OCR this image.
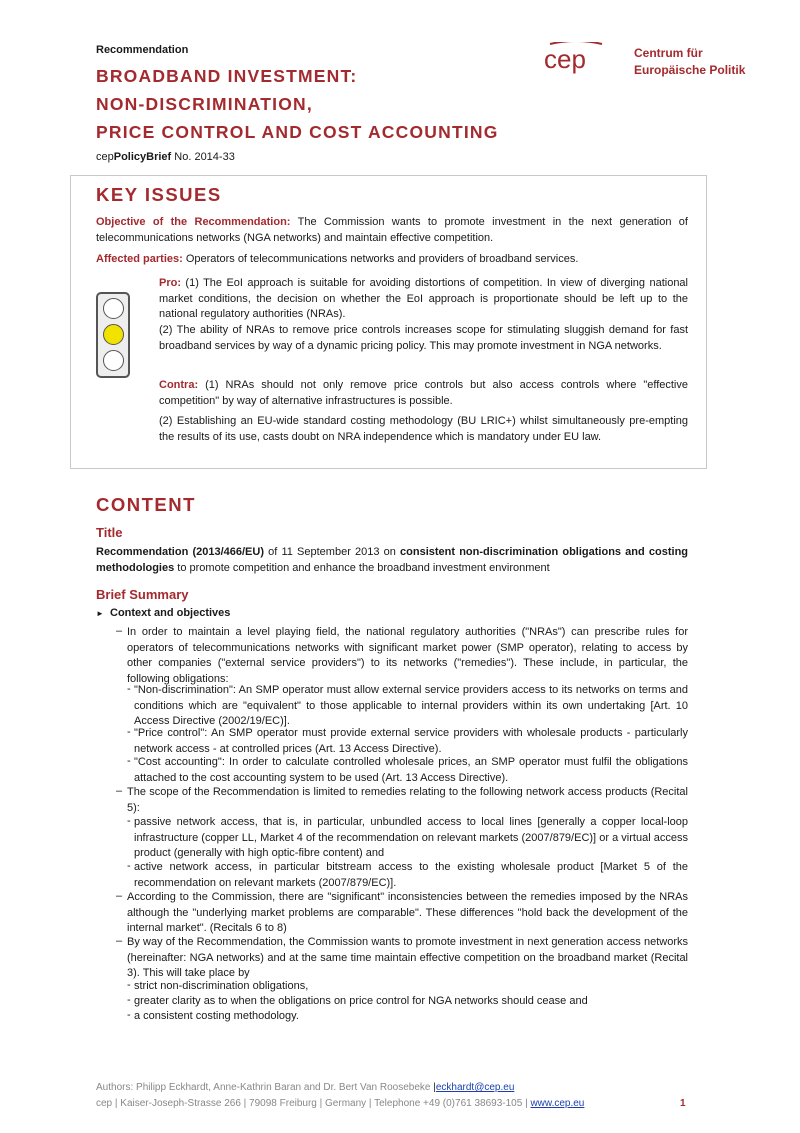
Recommendation
BROADBAND INVESTMENT:
NON-DISCRIMINATION,
PRICE CONTROL AND COST ACCOUNTING
cepPolicyBrief No. 2014-33
cep	Centrum für
Europäische Politik
KEY ISSUES
Objective of the Recommendation: The Commission wants to promote investment in the next generation of telecommunications networks (NGA networks) and maintain effective competition.
Affected parties: Operators of telecommunications networks and providers of broadband services.
Pro: (1) The EoI approach is suitable for avoiding distortions of competition. In view of diverging national market conditions, the decision on whether the EoI approach is proportionate should be left up to the national regulatory authorities (NRAs).
(2) The ability of NRAs to remove price controls increases scope for stimulating sluggish demand for fast broadband services by way of a dynamic pricing policy. This may promote investment in NGA networks.
Contra: (1) NRAs should not only remove price controls but also access controls where "effective competition" by way of alternative infrastructures is possible.
(2) Establishing an EU-wide standard costing methodology (BU LRIC+) whilst simultaneously pre-empting the results of its use, casts doubt on NRA independence which is mandatory under EU law.
CONTENT
Title
Recommendation (2013/466/EU) of 11 September 2013 on consistent non-discrimination obligations and costing methodologies to promote competition and enhance the broadband investment environment
Brief Summary
► Context and objectives
– In order to maintain a level playing field, the national regulatory authorities ("NRAs") can prescribe rules for operators of telecommunications networks with significant market power (SMP operator), relating to access by other companies ("external service providers") to its networks ("remedies"). These include, in particular, the following obligations:
- "Non-discrimination": An SMP operator must allow external service providers access to its networks on terms and conditions which are "equivalent" to those applicable to internal providers within its own undertaking [Art. 10 Access Directive (2002/19/EC)].
- "Price control": An SMP operator must provide external service providers with wholesale products - particularly network access - at controlled prices (Art. 13 Access Directive).
- "Cost accounting": In order to calculate controlled wholesale prices, an SMP operator must fulfil the obligations attached to the cost accounting system to be used (Art. 13 Access Directive).
– The scope of the Recommendation is limited to remedies relating to the following network access products (Recital 5):
- passive network access, that is, in particular, unbundled access to local lines [generally a copper local-loop infrastructure (copper LL, Market 4 of the recommendation on relevant markets (2007/879/EC)] or a virtual access product (generally with high optic-fibre content) and
- active network access, in particular bitstream access to the existing wholesale product [Market 5 of the recommendation on relevant markets (2007/879/EC)].
– According to the Commission, there are "significant" inconsistencies between the remedies imposed by the NRAs although the "underlying market problems are comparable". These differences "hold back the development of the internal market". (Recitals 6 to 8)
– By way of the Recommendation, the Commission wants to promote investment in next generation access networks (hereinafter: NGA networks) and at the same time maintain effective competition on the broadband market (Recital 3). This will take place by
- strict non-discrimination obligations,
- greater clarity as to when the obligations on price control for NGA networks should cease and
- a consistent costing methodology.
Authors: Philipp Eckhardt, Anne-Kathrin Baran and Dr. Bert Van Roosebeke |eckhardt@cep.eu
cep | Kaiser-Joseph-Strasse 266 | 79098 Freiburg | Germany | Telephone +49 (0)761 38693-105 | www.cep.eu	1
